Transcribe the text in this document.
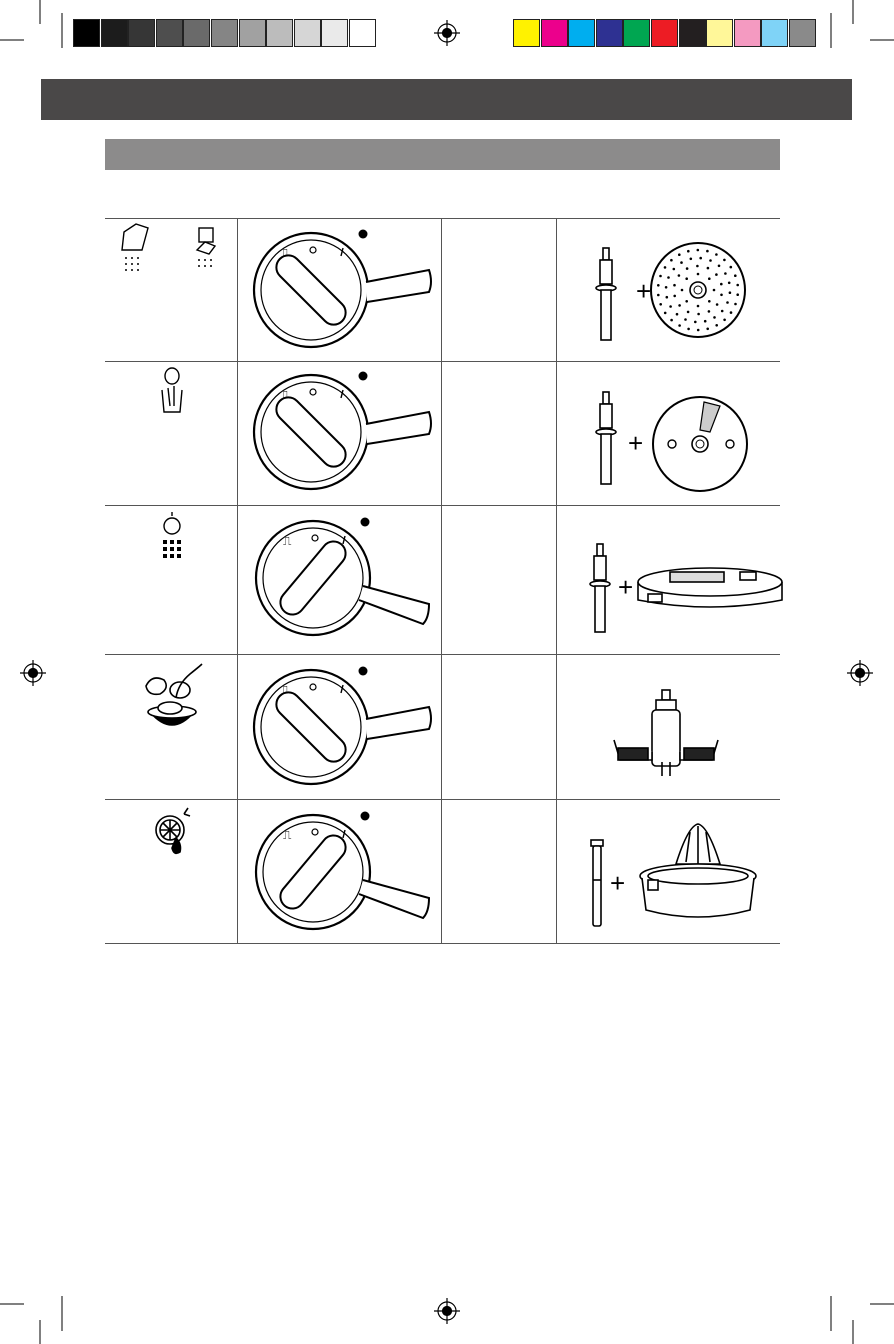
+
+
+
+
